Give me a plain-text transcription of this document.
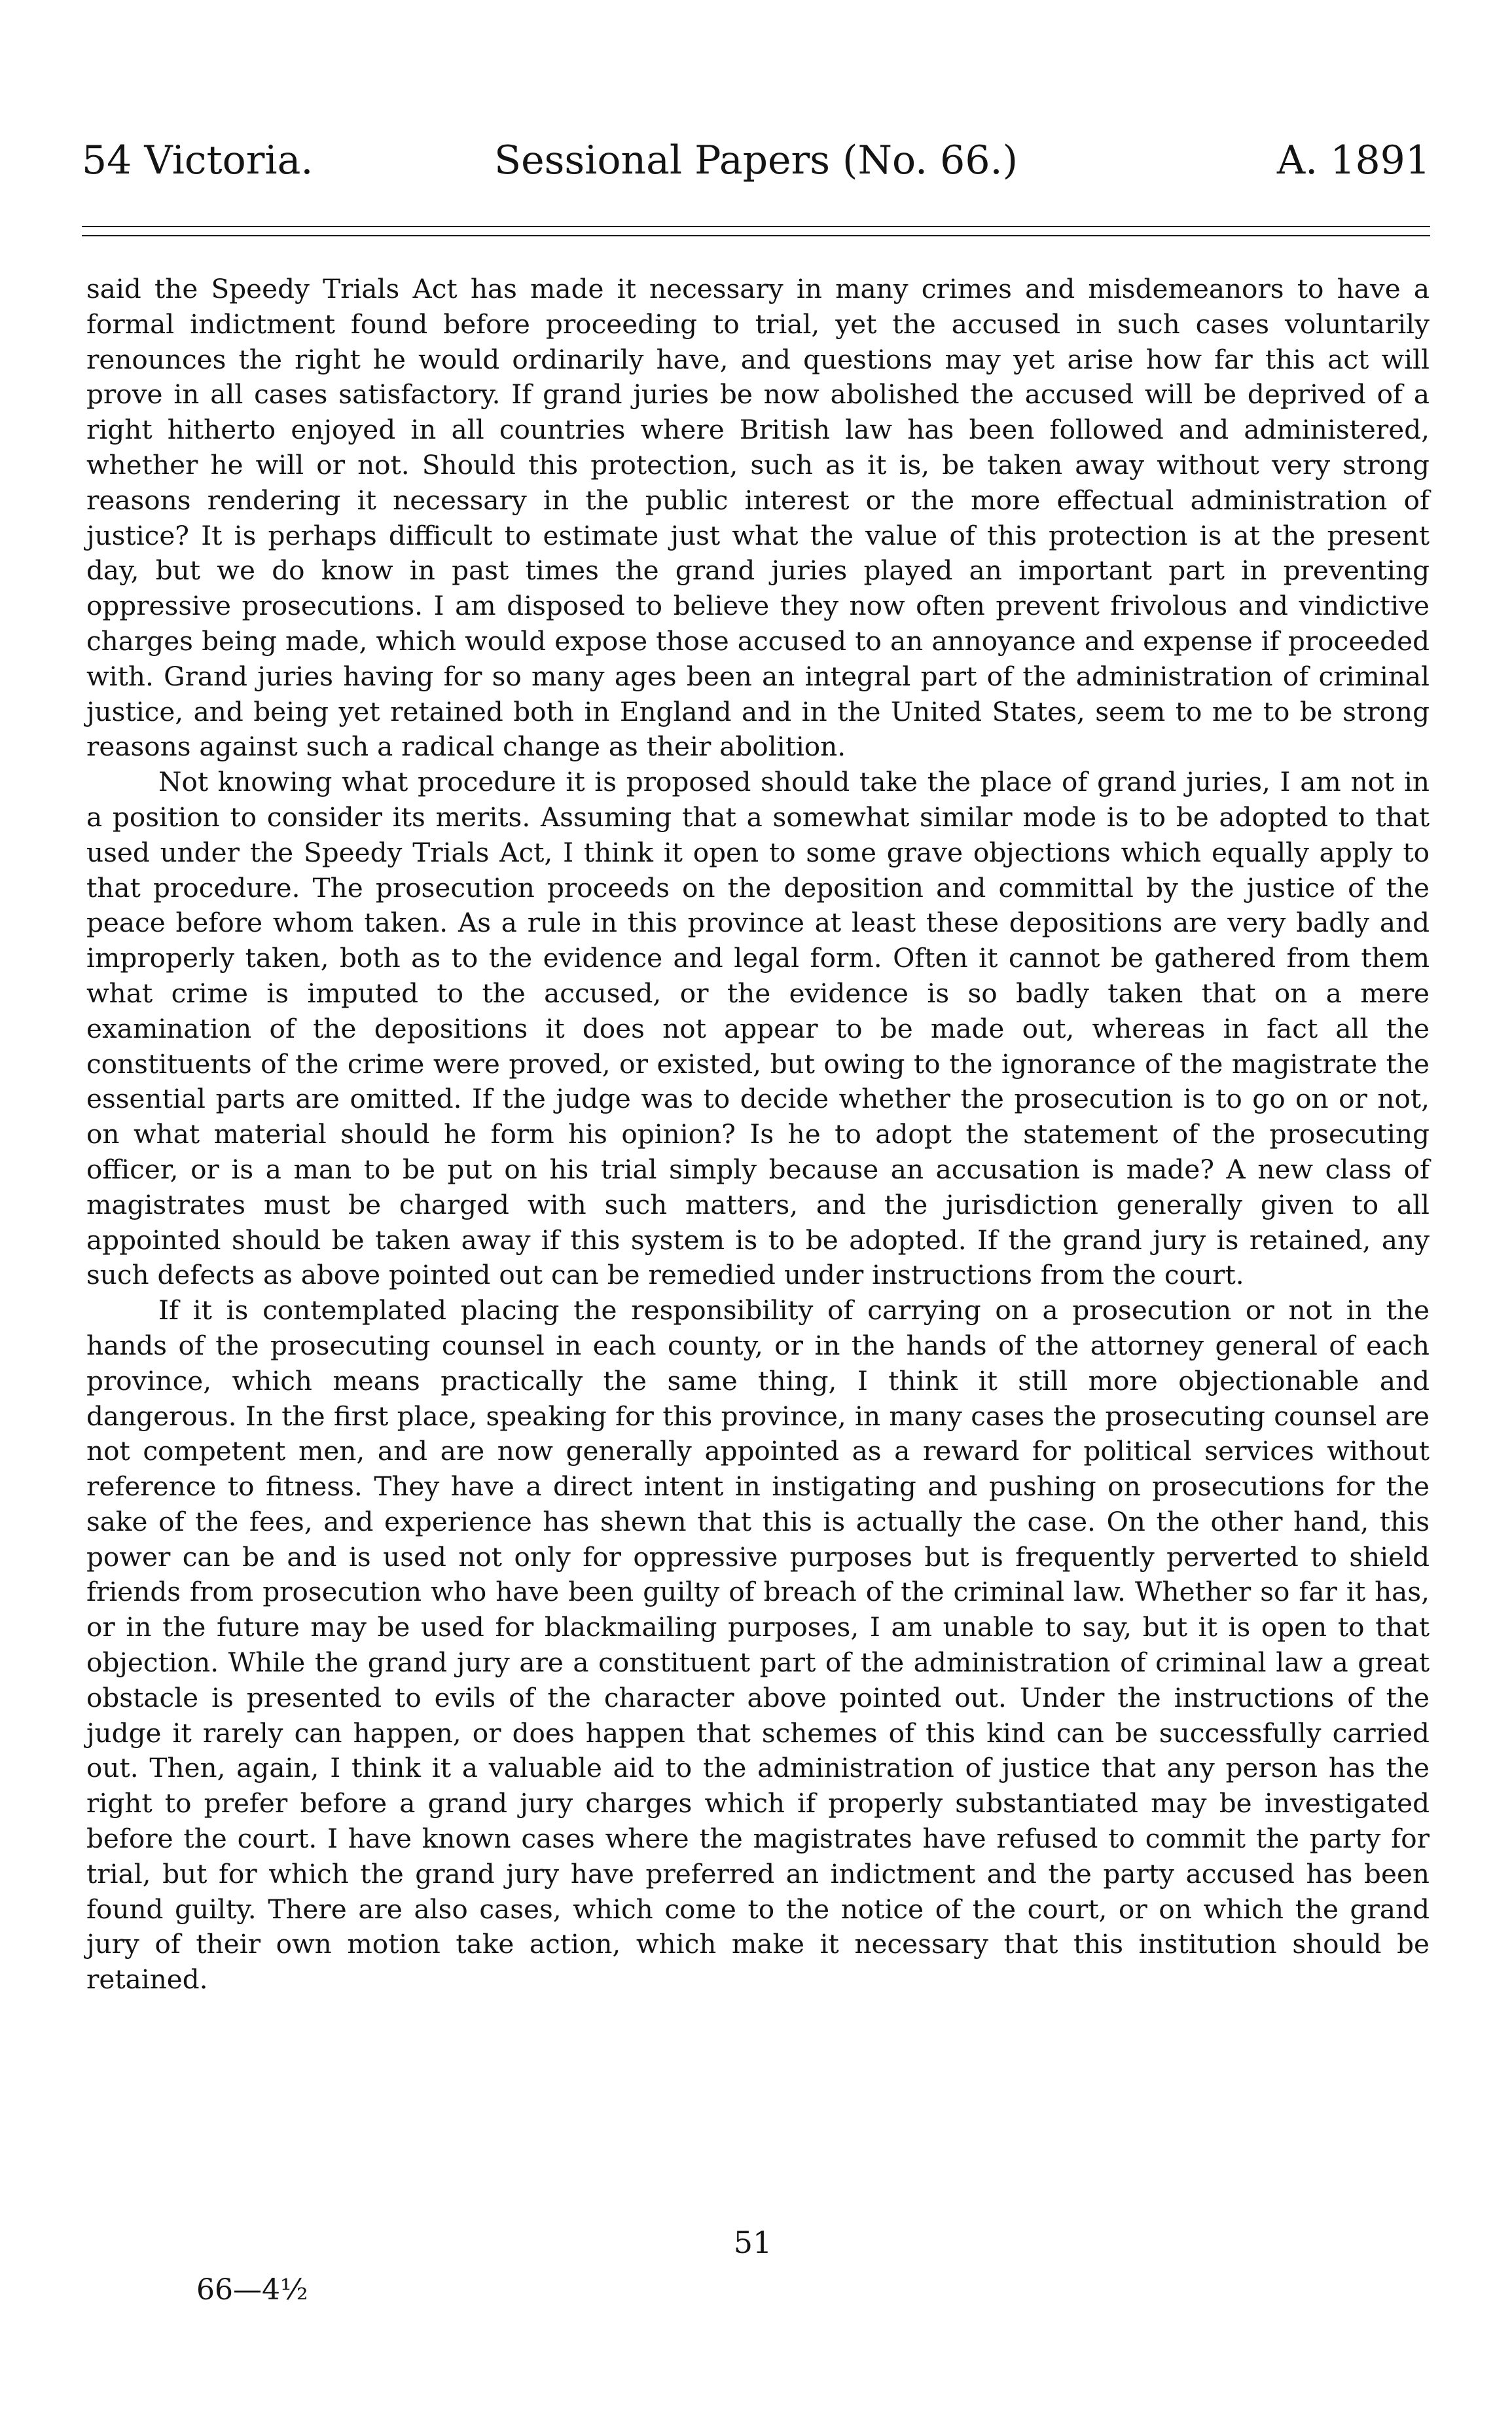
54 Victoria.	Sessional Papers (No. 66.)	A. 1891

said the Speedy Trials Act has made it necessary in many crimes and misdemeanors to have a formal indictment found before proceeding to trial, yet the accused in such cases voluntarily renounces the right he would ordinarily have, and questions may yet arise how far this act will prove in all cases satisfactory. If grand juries be now abolished the accused will be deprived of a right hitherto enjoyed in all countries where British law has been followed and administered, whether he will or not. Should this protection, such as it is, be taken away without very strong reasons rendering it necessary in the public interest or the more effectual administration of justice? It is perhaps difficult to estimate just what the value of this protection is at the present day, but we do know in past times the grand juries played an important part in preventing oppressive prosecutions. I am disposed to believe they now often prevent frivolous and vindictive charges being made, which would expose those accused to an annoyance and expense if proceeded with. Grand juries having for so many ages been an integral part of the administration of criminal justice, and being yet retained both in England and in the United States, seem to me to be strong reasons against such a radical change as their abolition.

Not knowing what procedure it is proposed should take the place of grand juries, I am not in a position to consider its merits. Assuming that a somewhat similar mode is to be adopted to that used under the Speedy Trials Act, I think it open to some grave objections which equally apply to that procedure. The prosecution proceeds on the deposition and committal by the justice of the peace before whom taken. As a rule in this province at least these depositions are very badly and improperly taken, both as to the evidence and legal form. Often it cannot be gathered from them what crime is imputed to the accused, or the evidence is so badly taken that on a mere examination of the depositions it does not appear to be made out, whereas in fact all the constituents of the crime were proved, or existed, but owing to the ignorance of the magistrate the essential parts are omitted. If the judge was to decide whether the prosecution is to go on or not, on what material should he form his opinion? Is he to adopt the statement of the prosecuting officer, or is a man to be put on his trial simply because an accusation is made? A new class of magistrates must be charged with such matters, and the jurisdiction generally given to all appointed should be taken away if this system is to be adopted. If the grand jury is retained, any such defects as above pointed out can be remedied under instructions from the court.

If it is contemplated placing the responsibility of carrying on a prosecution or not in the hands of the prosecuting counsel in each county, or in the hands of the attorney general of each province, which means practically the same thing, I think it still more objectionable and dangerous. In the first place, speaking for this province, in many cases the prosecuting counsel are not competent men, and are now generally appointed as a reward for political services without reference to fitness. They have a direct intent in instigating and pushing on prosecutions for the sake of the fees, and experience has shewn that this is actually the case. On the other hand, this power can be and is used not only for oppressive purposes but is frequently perverted to shield friends from prosecution who have been guilty of breach of the criminal law. Whether so far it has, or in the future may be used for blackmailing purposes, I am unable to say, but it is open to that objection. While the grand jury are a constituent part of the administration of criminal law a great obstacle is presented to evils of the character above pointed out. Under the instructions of the judge it rarely can happen, or does happen that schemes of this kind can be successfully carried out. Then, again, I think it a valuable aid to the administration of justice that any person has the right to prefer before a grand jury charges which if properly substantiated may be investigated before the court. I have known cases where the magistrates have refused to commit the party for trial, but for which the grand jury have preferred an indictment and the party accused has been found guilty. There are also cases, which come to the notice of the court, or on which the grand jury of their own motion take action, which make it necessary that this institution should be retained.

51
66—4½
